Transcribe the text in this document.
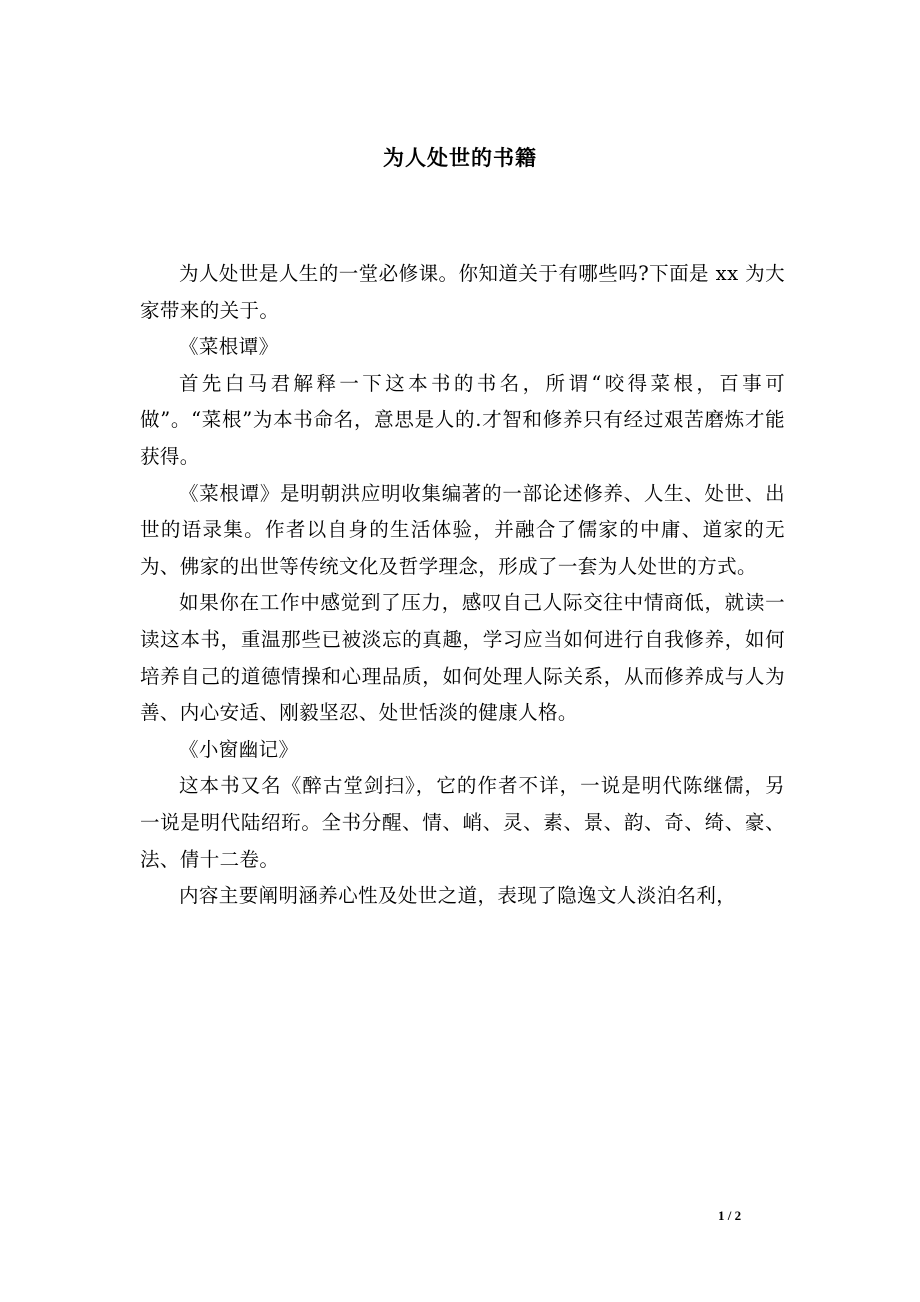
为人处世的书籍

为人处世是人生的一堂必修课。你知道关于有哪些吗?下面是 xx 为大家带来的关于。

《菜根谭》

首先白马君解释一下这本书的书名，所谓“咬得菜根，百事可做”。“菜根”为本书命名，意思是人的.才智和修养只有经过艰苦磨炼才能获得。

《菜根谭》是明朝洪应明收集编著的一部论述修养、人生、处世、出世的语录集。作者以自身的生活体验，并融合了儒家的中庸、道家的无为、佛家的出世等传统文化及哲学理念，形成了一套为人处世的方式。

如果你在工作中感觉到了压力，感叹自己人际交往中情商低，就读一读这本书，重温那些已被淡忘的真趣，学习应当如何进行自我修养，如何培养自己的道德情操和心理品质，如何处理人际关系，从而修养成与人为善、内心安适、刚毅坚忍、处世恬淡的健康人格。

《小窗幽记》

这本书又名《醉古堂剑扫》，它的作者不详，一说是明代陈继儒，另一说是明代陆绍珩。全书分醒、情、峭、灵、素、景、韵、奇、绮、豪、法、倩十二卷。

内容主要阐明涵养心性及处世之道，表现了隐逸文人淡泊名利，

1 / 2
